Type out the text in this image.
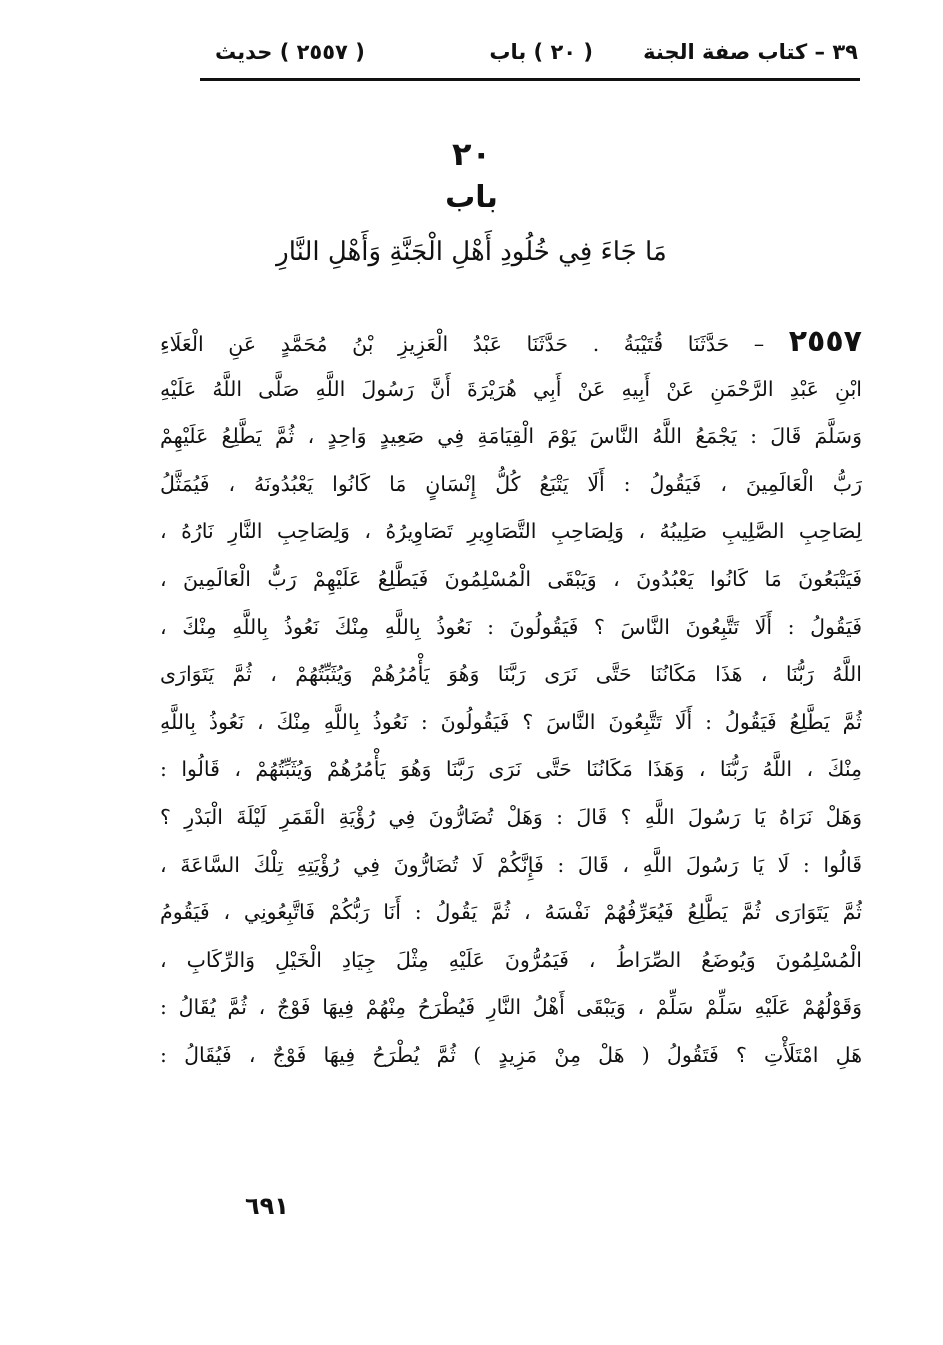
٣٩ – كتاب صفة الجنة
( ٢٠ ) باب
( ٢٥٥٧ ) حديث
٢٠
باب
مَا جَاءَ فِي خُلُودِ أَهْلِ الْجَنَّةِ وَأَهْلِ النَّارِ
٢٥٥٧ – حَدَّثَنَا قُتَيْبَةُ . حَدَّثَنَا عَبْدُ الْعَزِيزِ بْنُ مُحَمَّدٍ عَنِ الْعَلَاءِ
ابْنِ عَبْدِ الرَّحْمَنِ عَنْ أَبِيهِ عَنْ أَبِي هُرَيْرَةَ أَنَّ رَسُولَ اللَّهِ صَلَّى اللَّهُ عَلَيْهِ
وَسَلَّمَ قَالَ : يَجْمَعُ اللَّهُ النَّاسَ يَوْمَ الْقِيَامَةِ فِي صَعِيدٍ وَاحِدٍ ، ثُمَّ يَطَّلِعُ عَلَيْهِمْ
رَبُّ الْعَالَمِينَ ، فَيَقُولُ : أَلَا يَتْبَعُ كُلُّ إِنْسَانٍ مَا كَانُوا يَعْبُدُونَهُ ، فَيُمَثَّلُ
لِصَاحِبِ الصَّلِيبِ صَلِيبُهُ ، وَلِصَاحِبِ التَّصَاوِيرِ تَصَاوِيرُهُ ، وَلِصَاحِبِ النَّارِ نَارُهُ ،
فَيَتْبَعُونَ مَا كَانُوا يَعْبُدُونَ ، وَيَبْقَى الْمُسْلِمُونَ فَيَطَّلِعُ عَلَيْهِمْ رَبُّ الْعَالَمِينَ ،
فَيَقُولُ : أَلَا تَتَّبِعُونَ النَّاسَ ؟ فَيَقُولُونَ : نَعُوذُ بِاللَّهِ مِنْكَ نَعُوذُ بِاللَّهِ مِنْكَ ،
اللَّهُ رَبُّنَا ، هَذَا مَكَانُنَا حَتَّى نَرَى رَبَّنَا وَهُوَ يَأْمُرُهُمْ وَيُثَبِّتُهُمْ ، ثُمَّ يَتَوَارَى
ثُمَّ يَطَّلِعُ فَيَقُولُ : أَلَا تَتَّبِعُونَ النَّاسَ ؟ فَيَقُولُونَ : نَعُوذُ بِاللَّهِ مِنْكَ ، نَعُوذُ بِاللَّهِ
مِنْكَ ، اللَّهُ رَبُّنَا ، وَهَذَا مَكَانُنَا حَتَّى نَرَى رَبَّنَا وَهُوَ يَأْمُرُهُمْ وَيُثَبِّتُهُمْ ، قَالُوا :
وَهَلْ نَرَاهُ يَا رَسُولَ اللَّهِ ؟ قَالَ : وَهَلْ تُضَارُّونَ فِي رُؤْيَةِ الْقَمَرِ لَيْلَةَ الْبَدْرِ ؟
قَالُوا : لَا يَا رَسُولَ اللَّهِ ، قَالَ : فَإِنَّكُمْ لَا تُضَارُّونَ فِي رُؤْيَتِهِ تِلْكَ السَّاعَةَ ،
ثُمَّ يَتَوَارَى ثُمَّ يَطَّلِعُ فَيُعَرِّفُهُمْ نَفْسَهُ ، ثُمَّ يَقُولُ : أَنَا رَبُّكُمْ فَاتَّبِعُونِي ، فَيَقُومُ
الْمُسْلِمُونَ وَيُوضَعُ الصِّرَاطُ ، فَيَمُرُّونَ عَلَيْهِ مِثْلَ جِيَادِ الْخَيْلِ وَالرِّكَابِ ،
وَقَوْلُهُمْ عَلَيْهِ سَلِّمْ سَلِّمْ ، وَيَبْقَى أَهْلُ النَّارِ فَيُطْرَحُ مِنْهُمْ فِيهَا فَوْجٌ ، ثُمَّ يُقَالُ :
هَلِ امْتَلَأْتِ ؟ فَتَقُولُ ( هَلْ مِنْ مَزِيدٍ ) ثُمَّ يُطْرَحُ فِيهَا فَوْجٌ ، فَيُقَالُ :
٦٩١
